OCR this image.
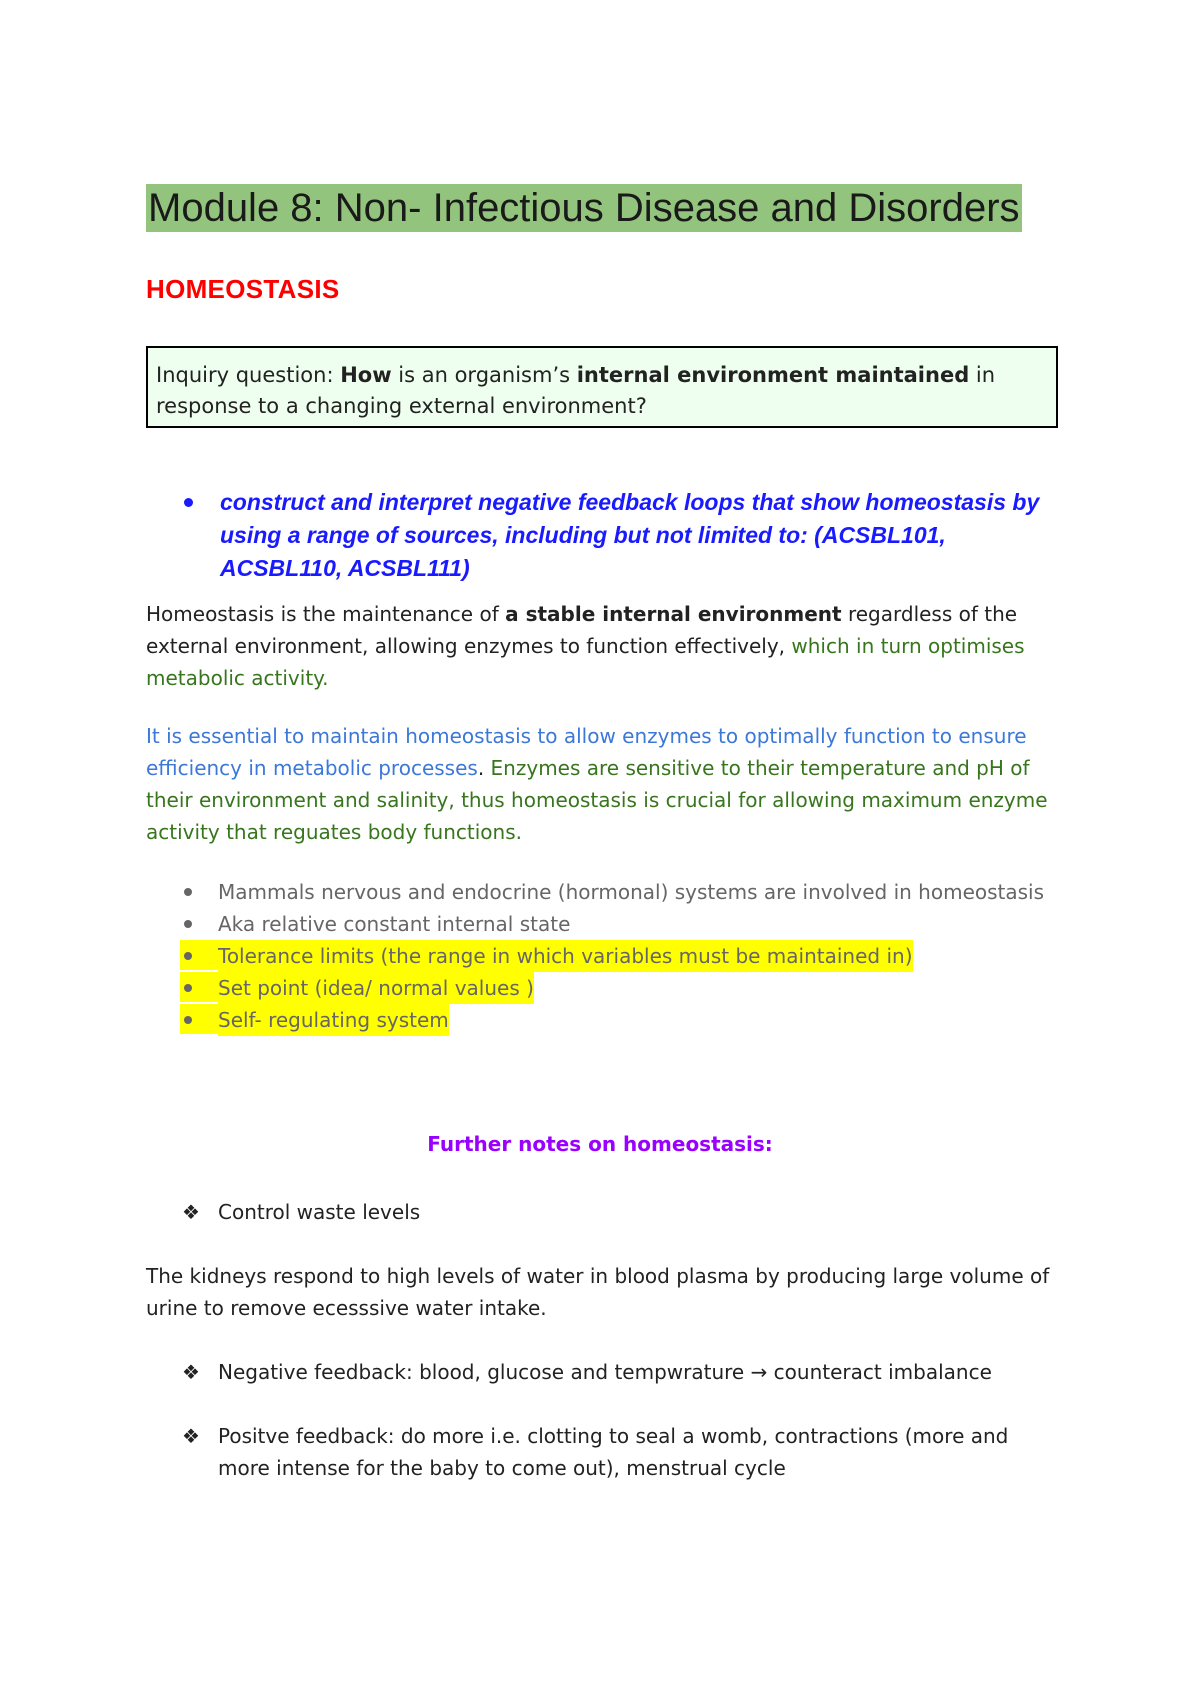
Module 8: Non- Infectious Disease and Disorders
HOMEOSTASIS
Inquiry question: How is an organism’s internal environment maintained in response to a changing external environment?
construct and interpret negative feedback loops that show homeostasis by using a range of sources, including but not limited to: (ACSBL101, ACSBL110, ACSBL111)
Homeostasis is the maintenance of a stable internal environment regardless of the external environment, allowing enzymes to function effectively, which in turn optimises metabolic activity.
It is essential to maintain homeostasis to allow enzymes to optimally function to ensure efficiency in metabolic processes. Enzymes are sensitive to their temperature and pH of their environment and salinity, thus homeostasis is crucial for allowing maximum enzyme activity that reguates body functions.
Mammals nervous and endocrine (hormonal) systems are involved in homeostasis
Aka relative constant internal state
Tolerance limits (the range in which variables must be maintained in)
Set point (idea/ normal values )
Self- regulating system
Further notes on homeostasis:
❖ Control waste levels
The kidneys respond to high levels of water in blood plasma by producing large volume of urine to remove ecesssive water intake.
❖ Negative feedback: blood, glucose and tempwrature → counteract imbalance
❖ Positve feedback: do more i.e. clotting to seal a womb, contractions (more and more intense for the baby to come out), menstrual cycle
